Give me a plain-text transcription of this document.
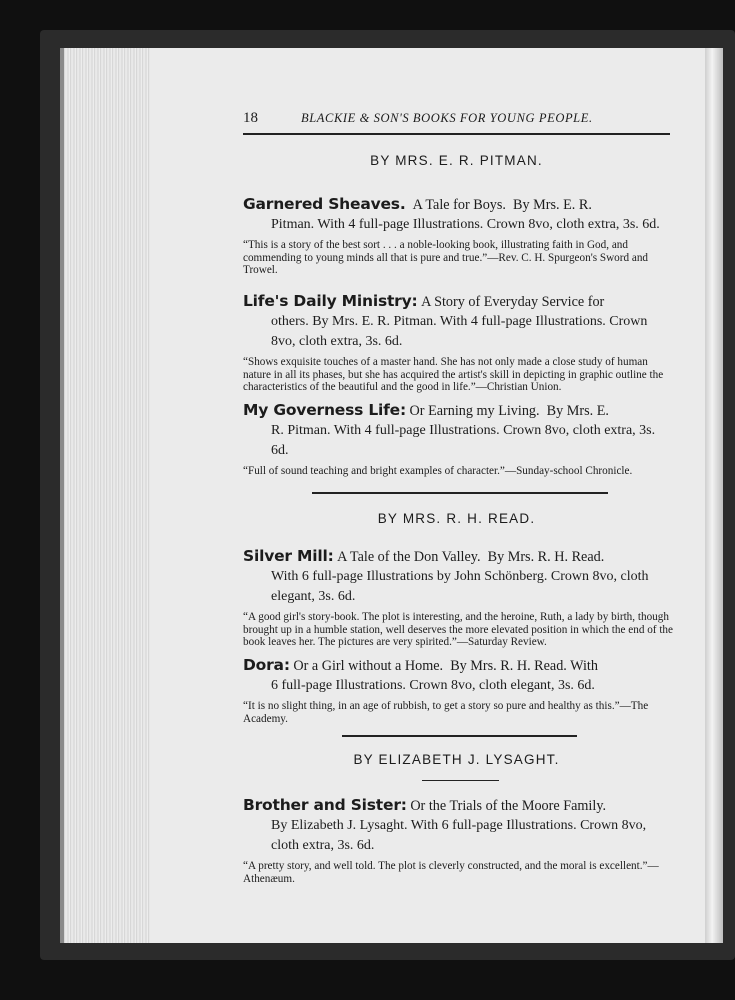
18	BLACKIE & SON'S BOOKS FOR YOUNG PEOPLE.
BY MRS. E. R. PITMAN.
Garnered Sheaves. A Tale for Boys. By Mrs. E. R.
Pitman. With 4 full-page Illustrations. Crown 8vo, cloth extra, 3s. 6d.
“This is a story of the best sort . . . a noble-looking book, illustrating faith in God, and commending to young minds all that is pure and true.”—Rev. C. H. Spurgeon's Sword and Trowel.
Life's Daily Ministry: A Story of Everyday Service for
others. By Mrs. E. R. Pitman. With 4 full-page Illustrations. Crown 8vo, cloth extra, 3s. 6d.
“Shows exquisite touches of a master hand. She has not only made a close study of human nature in all its phases, but she has acquired the artist's skill in depicting in graphic outline the characteristics of the beautiful and the good in life.”—Christian Union.
My Governess Life: Or Earning my Living. By Mrs. E.
R. Pitman. With 4 full-page Illustrations. Crown 8vo, cloth extra, 3s. 6d.
“Full of sound teaching and bright examples of character.”—Sunday-school Chronicle.
BY MRS. R. H. READ.
Silver Mill: A Tale of the Don Valley. By Mrs. R. H. Read.
With 6 full-page Illustrations by John Schönberg. Crown 8vo, cloth elegant, 3s. 6d.
“A good girl's story-book. The plot is interesting, and the heroine, Ruth, a lady by birth, though brought up in a humble station, well deserves the more elevated position in which the end of the book leaves her. The pictures are very spirited.”—Saturday Review.
Dora: Or a Girl without a Home. By Mrs. R. H. Read. With
6 full-page Illustrations. Crown 8vo, cloth elegant, 3s. 6d.
“It is no slight thing, in an age of rubbish, to get a story so pure and healthy as this.”—The Academy.
BY ELIZABETH J. LYSAGHT.
Brother and Sister: Or the Trials of the Moore Family.
By Elizabeth J. Lysaght. With 6 full-page Illustrations. Crown 8vo, cloth extra, 3s. 6d.
“A pretty story, and well told. The plot is cleverly constructed, and the moral is excellent.”—Athenæum.
